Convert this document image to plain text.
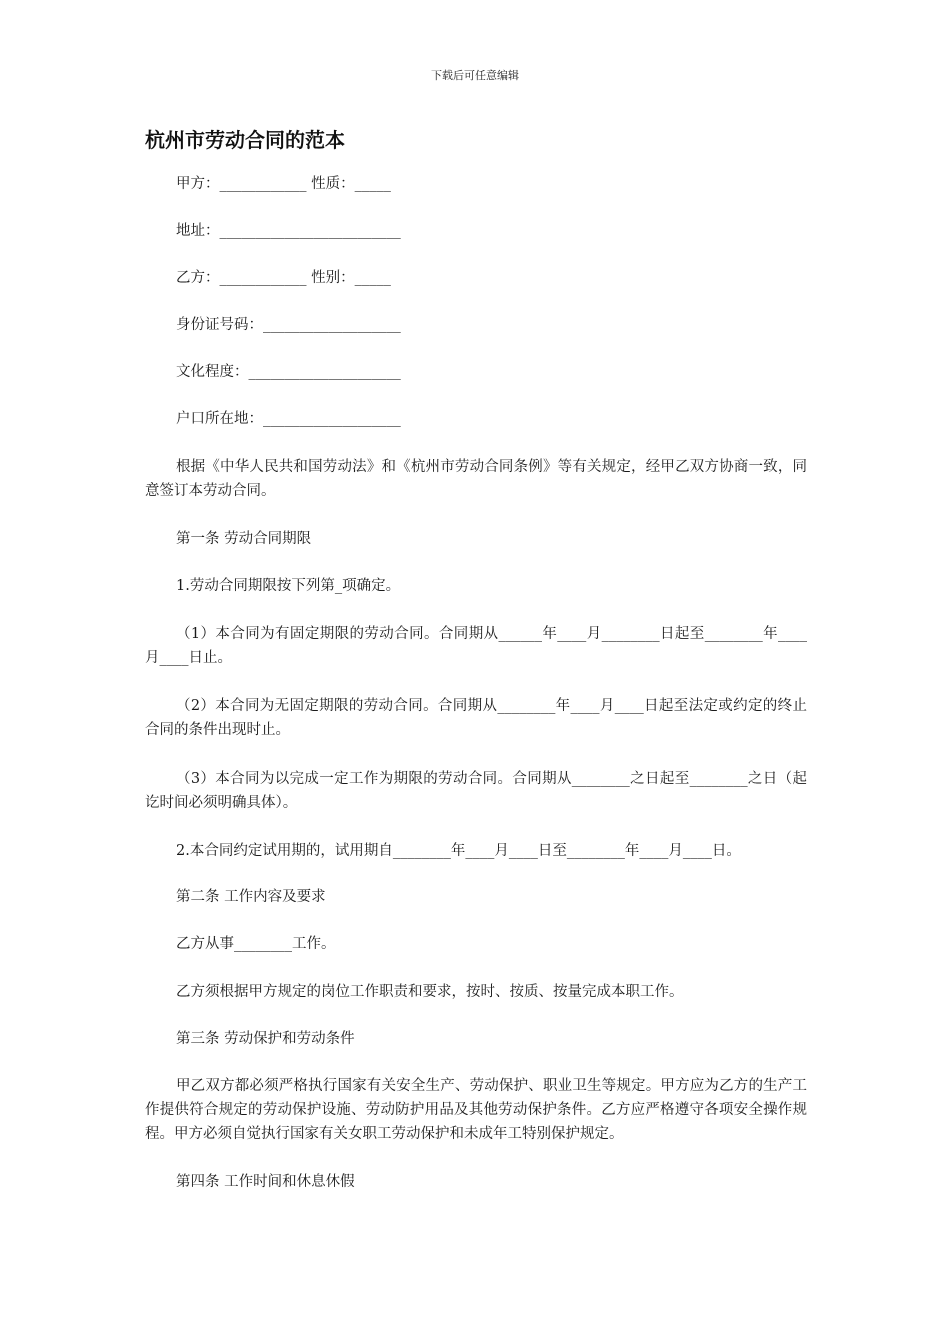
下载后可任意编辑
杭州市劳动合同的范本
甲方：____________ 性质：_____
地址：_________________________
乙方：____________ 性别：_____
身份证号码：___________________
文化程度：_____________________
户口所在地：___________________
根据《中华人民共和国劳动法》和《杭州市劳动合同条例》等有关规定，经甲乙双方协商一致，同意签订本劳动合同。
第一条 劳动合同期限
1.劳动合同期限按下列第_项确定。
（1）本合同为有固定期限的劳动合同。合同期从______年____月________日起至________年____月____日止。
（2）本合同为无固定期限的劳动合同。合同期从________年____月____日起至法定或约定的终止合同的条件出现时止。
（3）本合同为以完成一定工作为期限的劳动合同。合同期从________之日起至________之日（起讫时间必须明确具体）。
2.本合同约定试用期的，试用期自________年____月____日至________年____月____日。
第二条 工作内容及要求
乙方从事________工作。
乙方须根据甲方规定的岗位工作职责和要求，按时、按质、按量完成本职工作。
第三条 劳动保护和劳动条件
甲乙双方都必须严格执行国家有关安全生产、劳动保护、职业卫生等规定。甲方应为乙方的生产工作提供符合规定的劳动保护设施、劳动防护用品及其他劳动保护条件。乙方应严格遵守各项安全操作规程。甲方必须自觉执行国家有关女职工劳动保护和未成年工特别保护规定。
第四条 工作时间和休息休假
